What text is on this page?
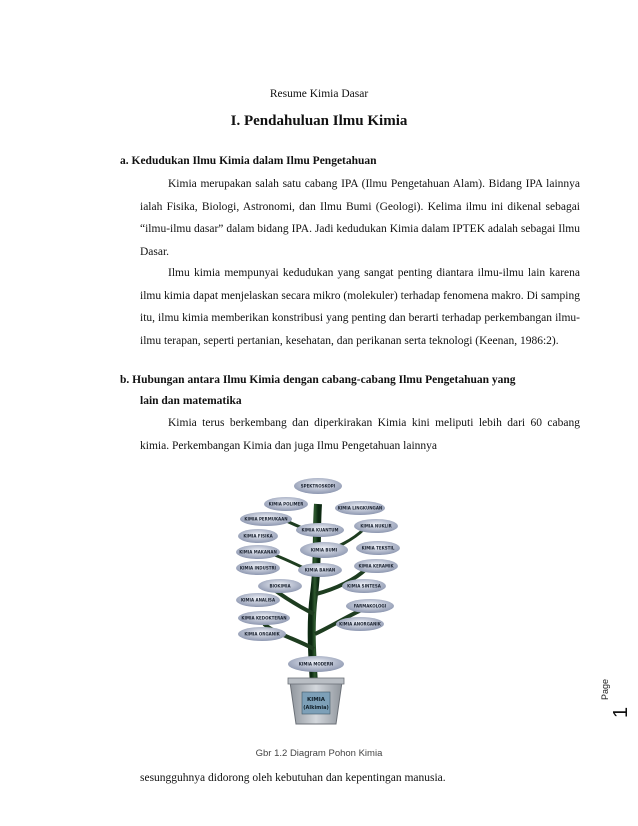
Resume Kimia Dasar
I. Pendahuluan Ilmu Kimia
a. Kedudukan Ilmu Kimia dalam Ilmu Pengetahuan
Kimia merupakan salah satu cabang IPA (Ilmu Pengetahuan Alam). Bidang IPA lainnya ialah Fisika, Biologi, Astronomi, dan Ilmu Bumi (Geologi). Kelima ilmu ini dikenal sebagai “ilmu-ilmu dasar” dalam bidang IPA. Jadi kedudukan Kimia dalam IPTEK adalah sebagai Ilmu Dasar.
Ilmu kimia mempunyai kedudukan yang sangat penting diantara ilmu-ilmu lain karena ilmu kimia dapat menjelaskan secara mikro (molekuler) terhadap fenomena makro. Di samping itu, ilmu kimia memberikan konstribusi yang penting dan berarti terhadap perkembangan ilmu-ilmu terapan, seperti pertanian, kesehatan, dan perikanan serta teknologi (Keenan, 1986:2).
b. Hubungan antara Ilmu Kimia dengan cabang-cabang Ilmu Pengetahuan yang
lain dan matematika
Kimia terus berkembang dan diperkirakan Kimia kini meliputi lebih dari 60 cabang kimia. Perkembangan Kimia dan juga Ilmu Pengetahuan lainnya
SPEKTROSKOPI
KIMIA POLIMER
KIMIA LINGKUNGAN
KIMIA PERMUKAAN
KIMIA KUANTUM
KIMIA NUKLIR
KIMIA FISIKA
KIMIA BUMI	KIMIA TEKSTIL
KIMIA MAKANAN
KIMIA INDUSTRI	KIMIA BAHAN
KIMIA KERAMIK
BIOKIMIA	KIMIA SINTESA
KIMIA ANALISA
FARMAKOLOGI
KIMIA ANORGANIK
KIMIA KEDOKTERAN
KIMIA ORGANIK
KIMIA MODERN
KIMIA
(Alkimia)
Gbr 1.2 Diagram Pohon Kimia
sesungguhnya didorong oleh kebutuhan dan kepentingan manusia.
Page
1
